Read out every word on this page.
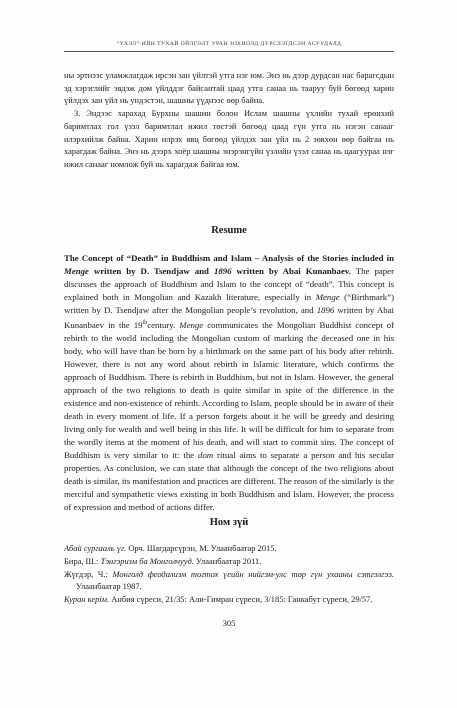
“ҮХЭЛ”-ИЙН ТУХАЙ ОЙЛГОЛТ УРАН ЗОХИОЛД ДҮРСЛЭГДСЭН АСУУДАЛД

ны эртнээс уламжлагдаж ирсэн зан үйлтэй утга нэг юм. Энэ нь дээр дурдсан нас барагсдын эд хэрэглийг эвдэж дом үйлддэг байсантай цаад утга санаа нь тааруу буй бөгөөд харин үйлдэх зан үйл нь ундэстэн, шашны үүднээс өөр байна.

3. Эндээс харахад Бурхны шашин болон Ислам шашны үхлийн тухай ерөнхий баримтлах гол үзэл баримтлал ижил төстэй бөгөөд цаад гүн утга нь нэгэн санааг илэрхийлж байна. Харин илрэх явц бөгөөд үйлдэх зан үйл нь 2 зөвхөн өөр байгаа нь харагдаж байна. Энэ нь дээрх хоёр шашны энэрэнгүйн үзлийн үзэл санаа нь цаагуураа нэг ижил санааг номлож буй нь харагдаж байгаа юм.

Resume
The Concept of “Death” in Buddhism and Islam – Analysis of the Stories included in Menge written by D. Tsendjaw and 1896 written by Abai Kunanbaev. The paper discusses the approach of Buddhism and Islam to the concept of “death”. This concept is explained both in Mongolian and Kazakh literature, especially in Menge (“Birthmark”) written by D. Tsendjaw after the Mongolian people’s revolution, and 1896 written by Abai Kunanbaev in the 19thcentury. Menge communicates the Mongolian Buddhist concept of rebirth to the world including the Mongolian custom of marking the deceased one in his body, who will have than be born by a birthmark on the same part of his body after rebirth. However, there is not any word about rebirth in Islamic literature, which confirms the approach of Buddhism. There is rebirth in Buddhism, but not in Islam. However, the general approach of the two religions to death is quite similar in spite of the difference in the existence and non-existence of rebirth. According to Islam, people should be in aware of their death in every moment of life. If a person forgets about it he will be greedy and desiring living only for wealth and well being in this life. It will be difficult for him to separate from the wordly items at the moment of his death, and will start to commit sins. The concept of Buddhism is very similar to it: the dom ritual aims to separate a person and his secular properties. As conclusion, we can state that although the concept of the two religions about death is similar, its manifestation and practices are different. The reason of the similarly is the merciful and sympathetic views existing in both Buddhism and Islam. However, the process of expression and method of actions differ.
Ном зүй

Абай сургааль үг. Орч. Шагдарсүрэн, М. Улаанбаатар 2015.

Бира, Ш.: Тэнгэризм ба Монголчууд. Улаанбаатар 2011.

Жүгдэр, Ч.: Монголд феодализм тогтох үеийн нийгэм-улс төр гүн ухааны сэтгэлгээ. Улаанбаатар 1987.

Куран керім. Анбия сүреси, 21/35: Али-Гимран сүреси, 3/185: Ганкабут сүреси, 29/57.

305
